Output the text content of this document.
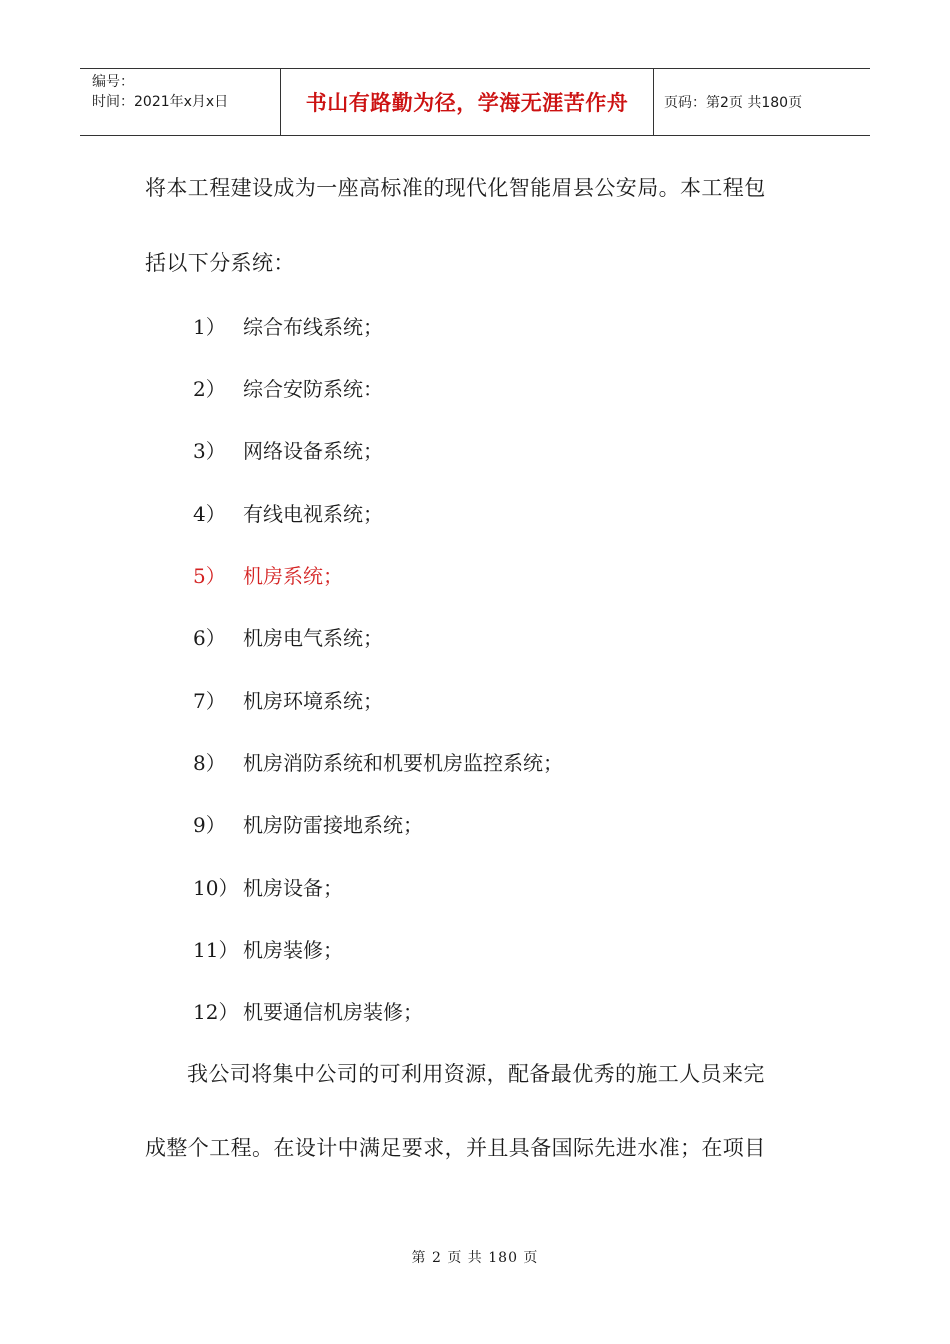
编号：
时间：2021年x月x日	书山有路勤为径，学海无涯苦作舟	页码：第2页 共180页
将本工程建设成为一座高标准的现代化智能眉县公安局。本工程包
括以下分系统：
1） 综合布线系统；
2） 综合安防系统：
3） 网络设备系统；
4） 有线电视系统；
5） 机房系统；
6） 机房电气系统；
7） 机房环境系统；
8） 机房消防系统和机要机房监控系统；
9） 机房防雷接地系统；
10） 机房设备；
11） 机房装修；
12） 机要通信机房装修；
我公司将集中公司的可利用资源，配备最优秀的施工人员来完
成整个工程。在设计中满足要求，并且具备国际先进水准；在项目
第 2 页 共 180 页
